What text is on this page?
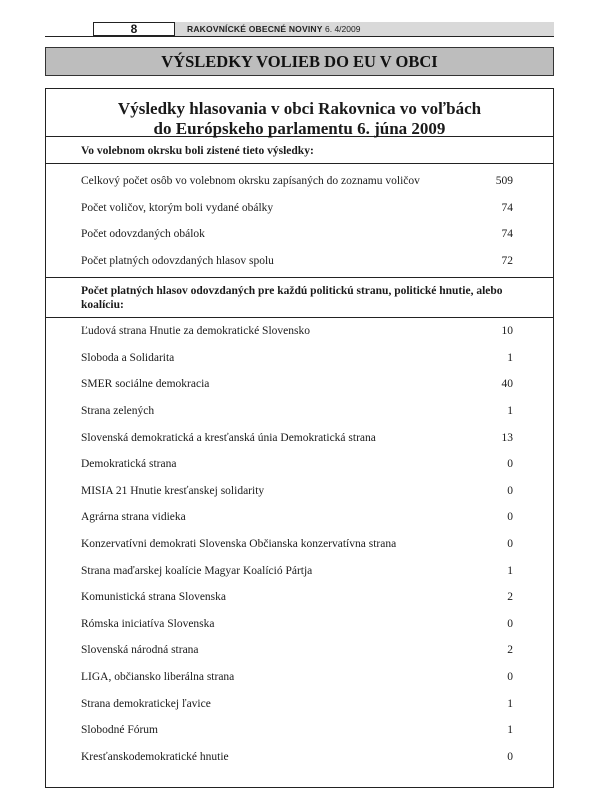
8	RAKOVNÍCKÉ OBECNÉ NOVINY 6. 4/2009
VÝSLEDKY VOLIEB DO EU V OBCI
Výsledky hlasovania v obci Rakovnica vo voľbách
do Európskeho parlamentu 6. júna 2009
Vo volebnom okrsku boli zistené tieto výsledky:
Celkový počet osôb vo volebnom okrsku zapísaných do zoznamu voličov	509
Počet voličov, ktorým boli vydané obálky	74
Počet odovzdaných obálok	74
Počet platných odovzdaných hlasov spolu	72
Počet platných hlasov odovzdaných pre každú politickú stranu, politické hnutie, alebo koalíciu:
Ľudová strana Hnutie za demokratické Slovensko	10
Sloboda a Solidarita	1
SMER sociálne demokracia	40
Strana zelených	1
Slovenská demokratická a kresťanská únia Demokratická strana	13
Demokratická strana	0
MISIA 21 Hnutie kresťanskej solidarity	0
Agrárna strana vidieka	0
Konzervatívni demokrati Slovenska Občianska konzervatívna strana	0
Strana maďarskej koalície Magyar Koalíció Pártja	1
Komunistická strana Slovenska	2
Rómska iniciatíva Slovenska	0
Slovenská národná strana	2
LIGA, občiansko liberálna strana	0
Strana demokratickej ľavice	1
Slobodné Fórum	1
Kresťanskodemokratické hnutie	0
